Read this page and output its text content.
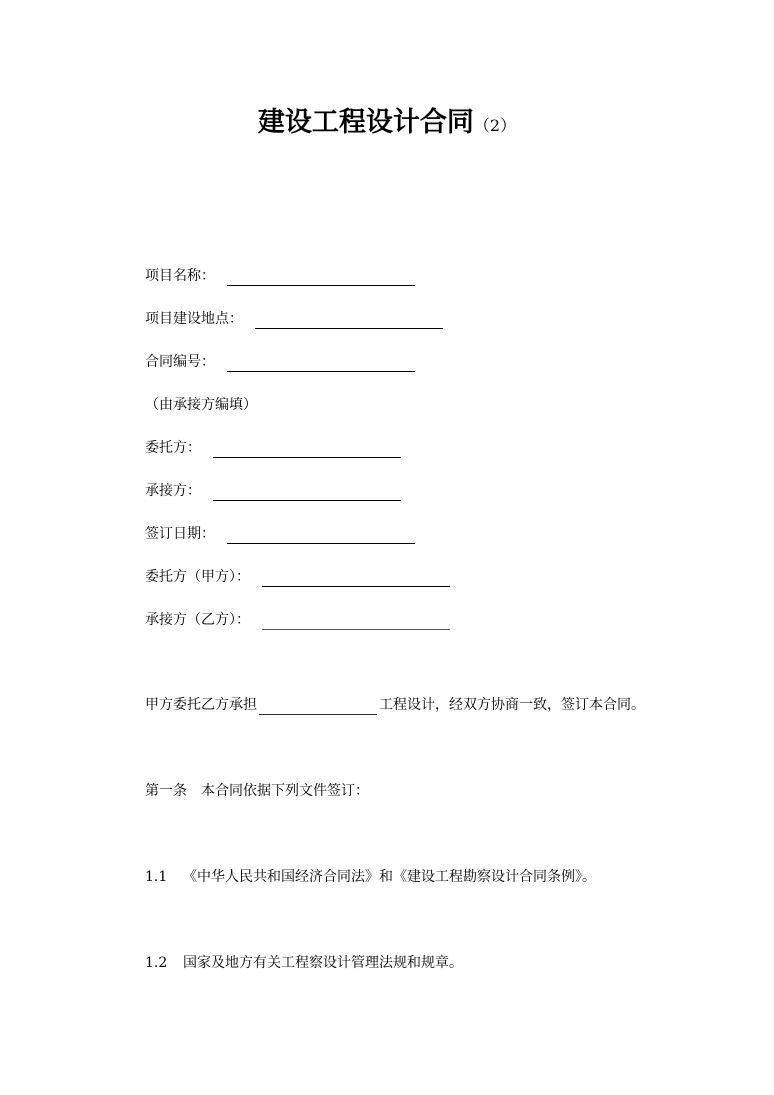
建设工程设计合同（2）
项目名称：
项目建设地点：
合同编号：
（由承接方编填）
委托方：
承接方：
签订日期：
委托方（甲方）：
承接方（乙方）：
甲方委托乙方承担	工程设计，经双方协商一致，签订本合同。
第一条　本合同依据下列文件签订：
1.1 《中华人民共和国经济合同法》和《建设工程勘察设计合同条例》。
1.2 国家及地方有关工程察设计管理法规和规章。
